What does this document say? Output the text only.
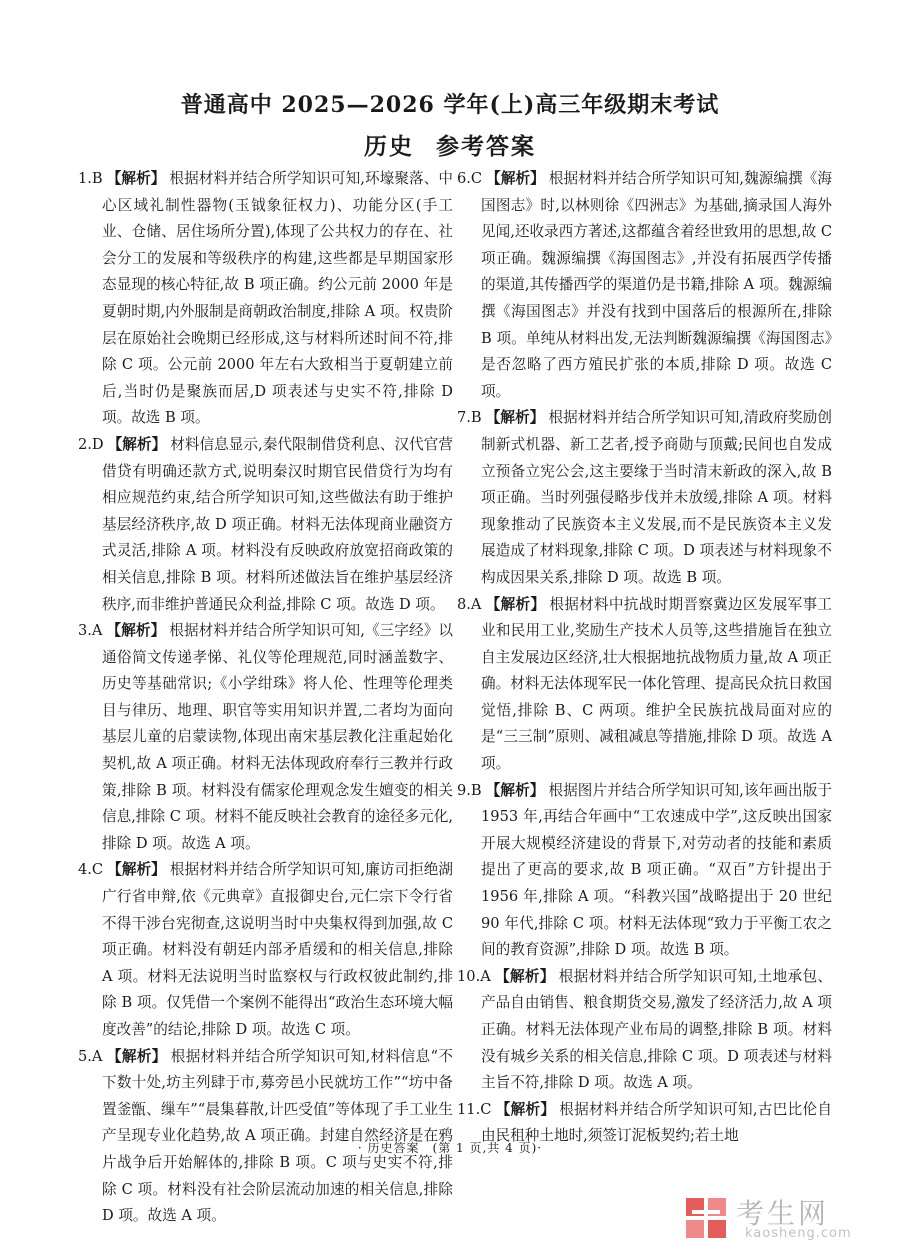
普通高中 2025—2026 学年(上)高三年级期末考试
历史 参考答案

1.B 【解析】 根据材料并结合所学知识可知,环壕聚落、中心区域礼制性器物(玉钺象征权力)、功能分区(手工业、仓储、居住场所分置),体现了公共权力的存在、社会分工的发展和等级秩序的构建,这些都是早期国家形态显现的核心特征,故 B 项正确。约公元前 2000 年是夏朝时期,内外服制是商朝政治制度,排除 A 项。权贵阶层在原始社会晚期已经形成,这与材料所述时间不符,排除 C 项。公元前 2000 年左右大致相当于夏朝建立前后,当时仍是聚族而居,D 项表述与史实不符,排除 D 项。故选 B 项。

2.D 【解析】 材料信息显示,秦代限制借贷利息、汉代官营借贷有明确还款方式,说明秦汉时期官民借贷行为均有相应规范约束,结合所学知识可知,这些做法有助于维护基层经济秩序,故 D 项正确。材料无法体现商业融资方式灵活,排除 A 项。材料没有反映政府放宽招商政策的相关信息,排除 B 项。材料所述做法旨在维护基层经济秩序,而非维护普通民众利益,排除 C 项。故选 D 项。

3.A 【解析】 根据材料并结合所学知识可知,《三字经》以通俗简文传递孝悌、礼仪等伦理规范,同时涵盖数字、历史等基础常识;《小学绀珠》将人伦、性理等伦理类目与律历、地理、职官等实用知识并置,二者均为面向基层儿童的启蒙读物,体现出南宋基层教化注重起始化契机,故 A 项正确。材料无法体现政府奉行三教并行政策,排除 B 项。材料没有儒家伦理观念发生嬗变的相关信息,排除 C 项。材料不能反映社会教育的途径多元化,排除 D 项。故选 A 项。

4.C 【解析】 根据材料并结合所学知识可知,廉访司拒绝湖广行省申辩,依《元典章》直报御史台,元仁宗下令行省不得干涉台宪彻查,这说明当时中央集权得到加强,故 C 项正确。材料没有朝廷内部矛盾缓和的相关信息,排除 A 项。材料无法说明当时监察权与行政权彼此制约,排除 B 项。仅凭借一个案例不能得出“政治生态环境大幅度改善”的结论,排除 D 项。故选 C 项。

5.A 【解析】 根据材料并结合所学知识可知,材料信息“不下数十处,坊主列肆于市,募旁邑小民就坊工作”“坊中备置釜甑、缫车”“晨集暮散,计匹受值”等体现了手工业生产呈现专业化趋势,故 A 项正确。封建自然经济是在鸦片战争后开始解体的,排除 B 项。C 项与史实不符,排除 C 项。材料没有社会阶层流动加速的相关信息,排除 D 项。故选 A 项。

6.C 【解析】 根据材料并结合所学知识可知,魏源编撰《海国图志》时,以林则徐《四洲志》为基础,摘录国人海外见闻,还收录西方著述,这都蕴含着经世致用的思想,故 C 项正确。魏源编撰《海国图志》,并没有拓展西学传播的渠道,其传播西学的渠道仍是书籍,排除 A 项。魏源编撰《海国图志》并没有找到中国落后的根源所在,排除 B 项。单纯从材料出发,无法判断魏源编撰《海国图志》是否忽略了西方殖民扩张的本质,排除 D 项。故选 C 项。

7.B 【解析】 根据材料并结合所学知识可知,清政府奖励创制新式机器、新工艺者,授予商勋与顶戴;民间也自发成立预备立宪公会,这主要缘于当时清末新政的深入,故 B 项正确。当时列强侵略步伐并未放缓,排除 A 项。材料现象推动了民族资本主义发展,而不是民族资本主义发展造成了材料现象,排除 C 项。D 项表述与材料现象不构成因果关系,排除 D 项。故选 B 项。

8.A 【解析】 根据材料中抗战时期晋察冀边区发展军事工业和民用工业,奖励生产技术人员等,这些措施旨在独立自主发展边区经济,壮大根据地抗战物质力量,故 A 项正确。材料无法体现军民一体化管理、提高民众抗日救国觉悟,排除 B、C 两项。维护全民族抗战局面对应的是“三三制”原则、减租减息等措施,排除 D 项。故选 A 项。

9.B 【解析】 根据图片并结合所学知识可知,该年画出版于 1953 年,再结合年画中“工农速成中学”,这反映出国家开展大规模经济建设的背景下,对劳动者的技能和素质提出了更高的要求,故 B 项正确。“双百”方针提出于 1956 年,排除 A 项。“科教兴国”战略提出于 20 世纪 90 年代,排除 C 项。材料无法体现“致力于平衡工农之间的教育资源”,排除 D 项。故选 B 项。

10.A 【解析】 根据材料并结合所学知识可知,土地承包、产品自由销售、粮食期货交易,激发了经济活力,故 A 项正确。材料无法体现产业布局的调整,排除 B 项。材料没有城乡关系的相关信息,排除 C 项。D 项表述与材料主旨不符,排除 D 项。故选 A 项。

11.C 【解析】 根据材料并结合所学知识可知,古巴比伦自由民租种土地时,须签订泥板契约;若土地

· 历史答案　(第 1 页,共 4 页)·
考生网
kaosheng.com
